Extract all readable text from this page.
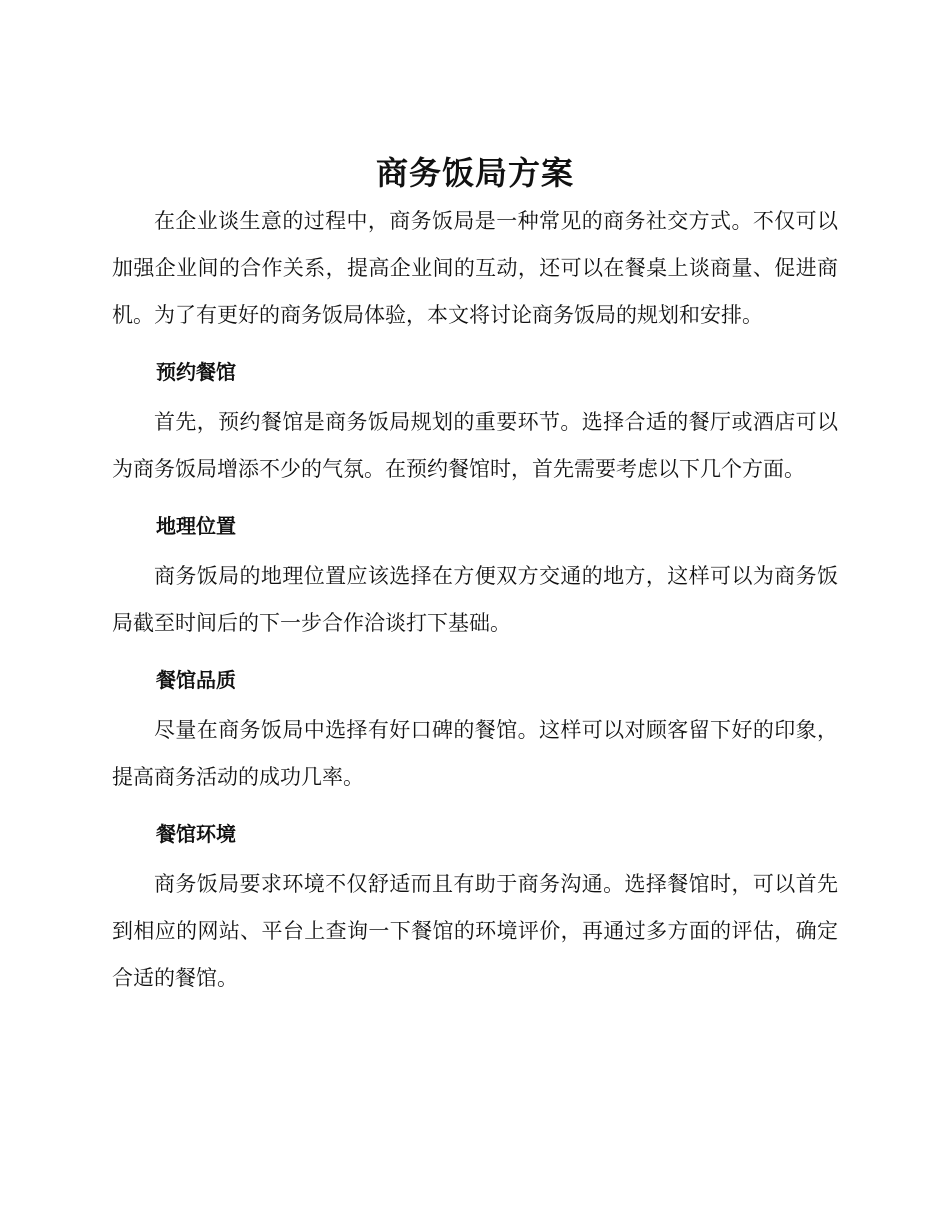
商务饭局方案

在企业谈生意的过程中，商务饭局是一种常见的商务社交方式。不仅可以加强企业间的合作关系，提高企业间的互动，还可以在餐桌上谈商量、促进商机。为了有更好的商务饭局体验，本文将讨论商务饭局的规划和安排。

预约餐馆

首先，预约餐馆是商务饭局规划的重要环节。选择合适的餐厅或酒店可以为商务饭局增添不少的气氛。在预约餐馆时，首先需要考虑以下几个方面。

地理位置

商务饭局的地理位置应该选择在方便双方交通的地方，这样可以为商务饭局截至时间后的下一步合作洽谈打下基础。

餐馆品质

尽量在商务饭局中选择有好口碑的餐馆。这样可以对顾客留下好的印象，提高商务活动的成功几率。

餐馆环境

商务饭局要求环境不仅舒适而且有助于商务沟通。选择餐馆时，可以首先到相应的网站、平台上查询一下餐馆的环境评价，再通过多方面的评估，确定合适的餐馆。
